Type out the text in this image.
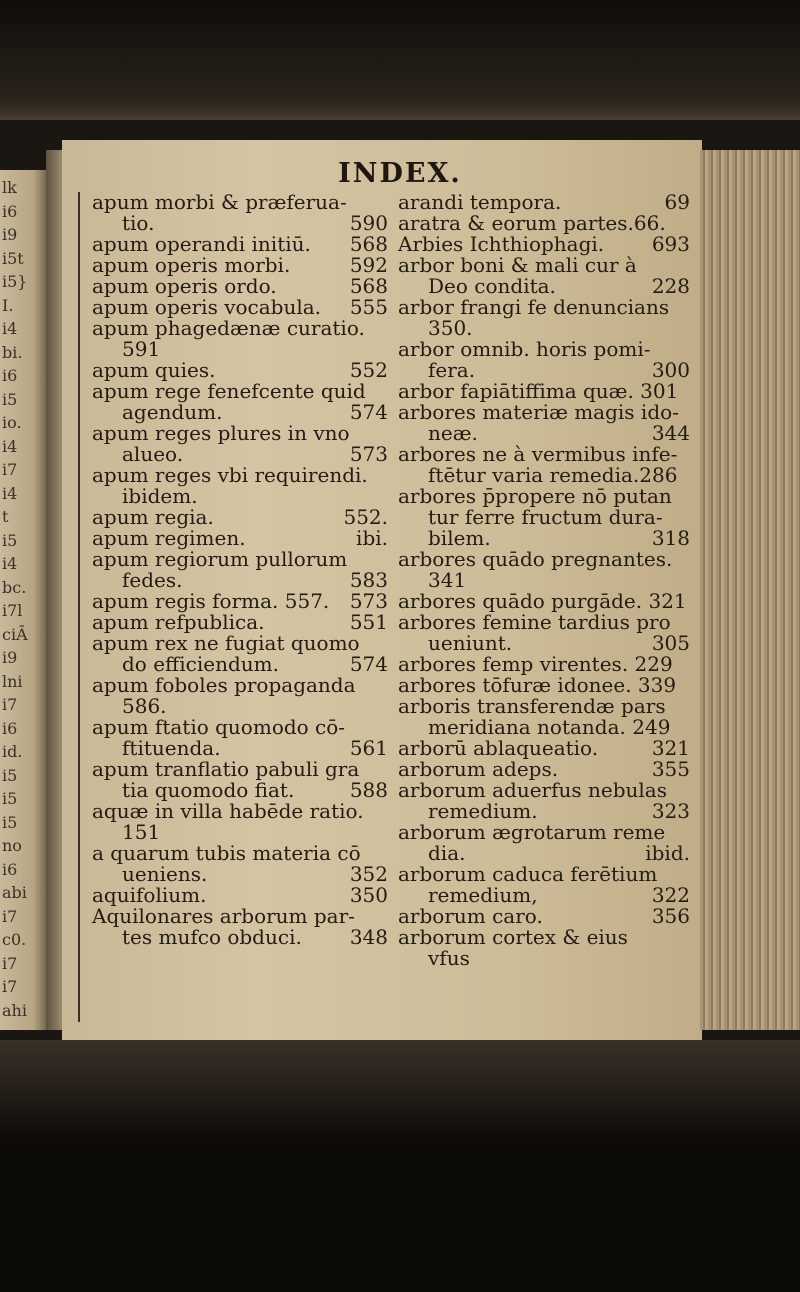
lk
i6
i9
i5t
i5}
I.
i4
bi.
i6
i5
io.
i4
i7
i4
t
i5
i4
bc.
i7l
ciĀ
i9
lni
i7
i6
id.
i5
i5
i5
no
i6
abi
i7
c0.
i7
i7
ahi
INDEX.
apum morbi & præferua-
tio.	590
apum operandi initiū. 568
apum operis morbi.	592
apum operis ordo.	568
apum operis vocabula. 555
apum phagedænæ curatio.
591
apum quies.	552
apum rege fenefcente quid
agendum.	574
apum reges plures in vno
alueo.	573
apum reges vbi requirendi.
ibidem.
apum regia.	552.
apum regimen.	ibi.
apum regiorum pullorum
fedes.	583
apum regis forma. 557. 573
apum refpublica.	551
apum rex ne fugiat quomo
do efficiendum.	574
apum foboles propaganda
586.
apum ftatio quomodo cō-
ftituenda.	561
apum tranflatio pabuli gra
tia quomodo fiat.	588
aquæ in villa habēde ratio.
151
a quarum tubis materia cō
ueniens.	352
aquifolium.	350
Aquilonares arborum par-
tes mufco obduci. 348
arandi tempora.	69
aratra & eorum partes.66.
Arbies Ichthiophagi. 693
arbor boni & mali cur à
Deo condita.	228
arbor frangi fe denuncians
350.
arbor omnib. horis pomi-
fera.	300
arbor fapiātiffima quæ. 301
arbores materiæ magis ido-
neæ.	344
arbores ne à vermibus infe-
ftētur varia remedia.286
arbores p̄propere nō putan
tur ferre fructum dura-
bilem.	318
arbores quādo pregnantes.
341
arbores quādo purgāde. 321
arbores femine tardius pro
ueniunt.	305
arbores femp virentes. 229
arbores tōfuræ idonee. 339
arboris transferendæ pars
meridiana notanda. 249
arborū ablaqueatio.	321
arborum adeps.	355
arborum aduerfus nebulas
remedium.	323
arborum ægrotarum reme
dia.	ibid.
arborum caduca ferētium
remedium,	322
arborum caro.	356
arborum cortex & eius
vfus
